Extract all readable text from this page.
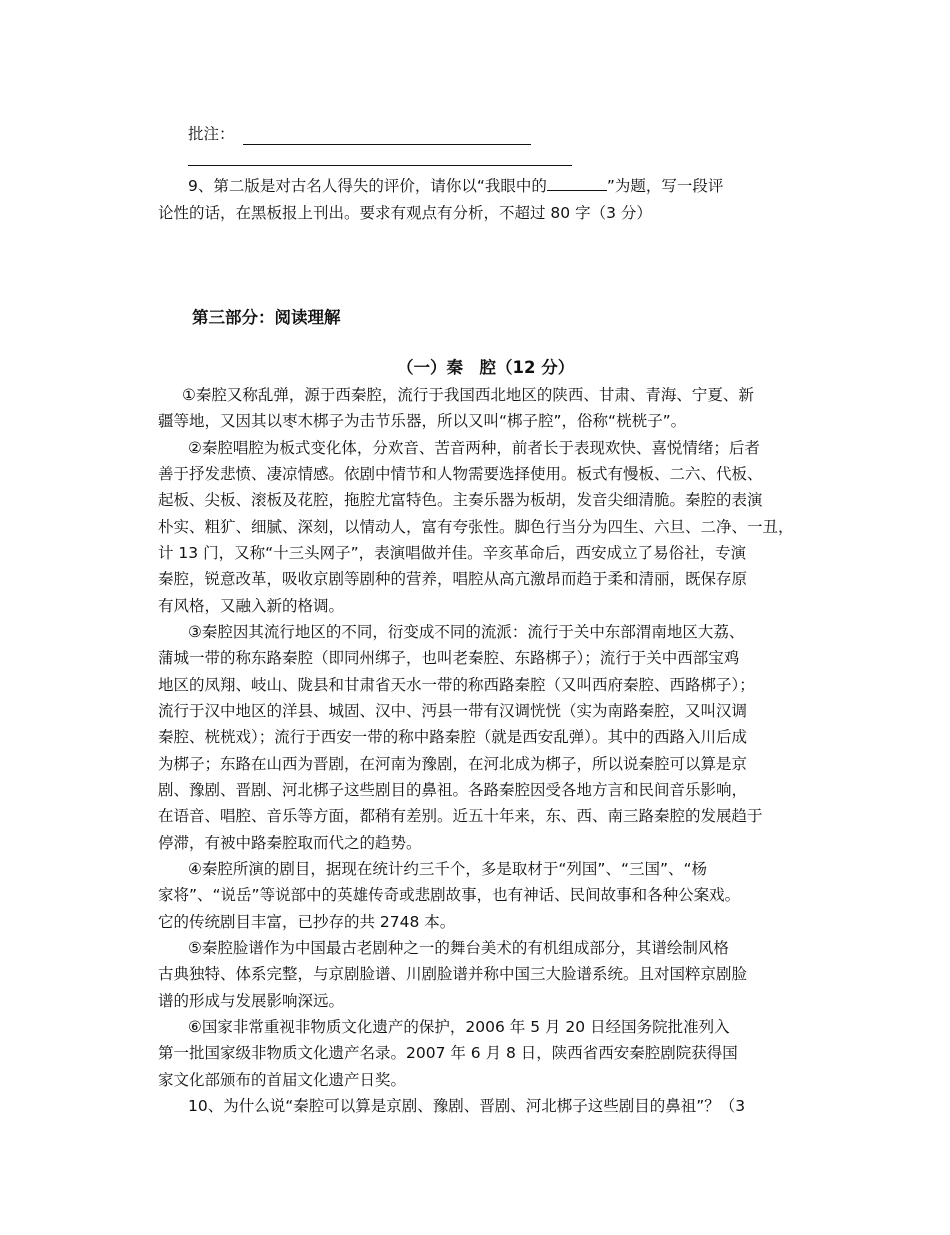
批注：
9、第二版是对古名人得失的评价，请你以“我眼中的	”为题，写一段评
论性的话，在黑板报上刊出。要求有观点有分析，不超过 80 字（3 分）
第三部分：阅读理解
（一）秦　腔（12 分）
①秦腔又称乱弹，源于西秦腔，流行于我国西北地区的陕西、甘肃、青海、宁夏、新
疆等地，又因其以枣木梆子为击节乐器，所以又叫“梆子腔”，俗称“桄桄子”。
②秦腔唱腔为板式变化体，分欢音、苦音两种，前者长于表现欢快、喜悦情绪；后者
善于抒发悲愤、凄凉情感。依剧中情节和人物需要选择使用。板式有慢板、二六、代板、
起板、尖板、滚板及花腔，拖腔尤富特色。主奏乐器为板胡，发音尖细清脆。秦腔的表演
朴实、粗犷、细腻、深刻，以情动人，富有夸张性。脚色行当分为四生、六旦、二净、一丑，
计 13 门，又称“十三头网子”，表演唱做并佳。辛亥革命后，西安成立了易俗社，专演
秦腔，锐意改革，吸收京剧等剧种的营养，唱腔从高亢激昂而趋于柔和清丽，既保存原
有风格，又融入新的格调。
③秦腔因其流行地区的不同，衍变成不同的流派：流行于关中东部渭南地区大荔、
蒲城一带的称东路秦腔（即同州绑子，也叫老秦腔、东路梆子）；流行于关中西部宝鸡
地区的凤翔、岐山、陇县和甘肃省天水一带的称西路秦腔（又叫西府秦腔、西路梆子）；
流行于汉中地区的洋县、城固、汉中、沔县一带有汉调恍恍（实为南路秦腔，又叫汉调
秦腔、桄桄戏）；流行于西安一带的称中路秦腔（就是西安乱弹）。其中的西路入川后成
为梆子；东路在山西为晋剧，在河南为豫剧，在河北成为梆子，所以说秦腔可以算是京
剧、豫剧、晋剧、河北梆子这些剧目的鼻祖。各路秦腔因受各地方言和民间音乐影响，
在语音、唱腔、音乐等方面，都稍有差别。近五十年来，东、西、南三路秦腔的发展趋于
停滞，有被中路秦腔取而代之的趋势。
④秦腔所演的剧目，据现在统计约三千个，多是取材于“列国”、“三国”、“杨
家将”、“说岳”等说部中的英雄传奇或悲剧故事，也有神话、民间故事和各种公案戏。
它的传统剧目丰富，已抄存的共 2748 本。
⑤秦腔脸谱作为中国最古老剧种之一的舞台美术的有机组成部分，其谱绘制风格
古典独特、体系完整，与京剧脸谱、川剧脸谱并称中国三大脸谱系统。且对国粹京剧脸
谱的形成与发展影响深远。
⑥国家非常重视非物质文化遗产的保护，2006 年 5 月 20 日经国务院批准列入
第一批国家级非物质文化遗产名录。2007 年 6 月 8 日，陕西省西安秦腔剧院获得国
家文化部颁布的首届文化遗产日奖。
10、为什么说“秦腔可以算是京剧、豫剧、晋剧、河北梆子这些剧目的鼻祖”？（3
